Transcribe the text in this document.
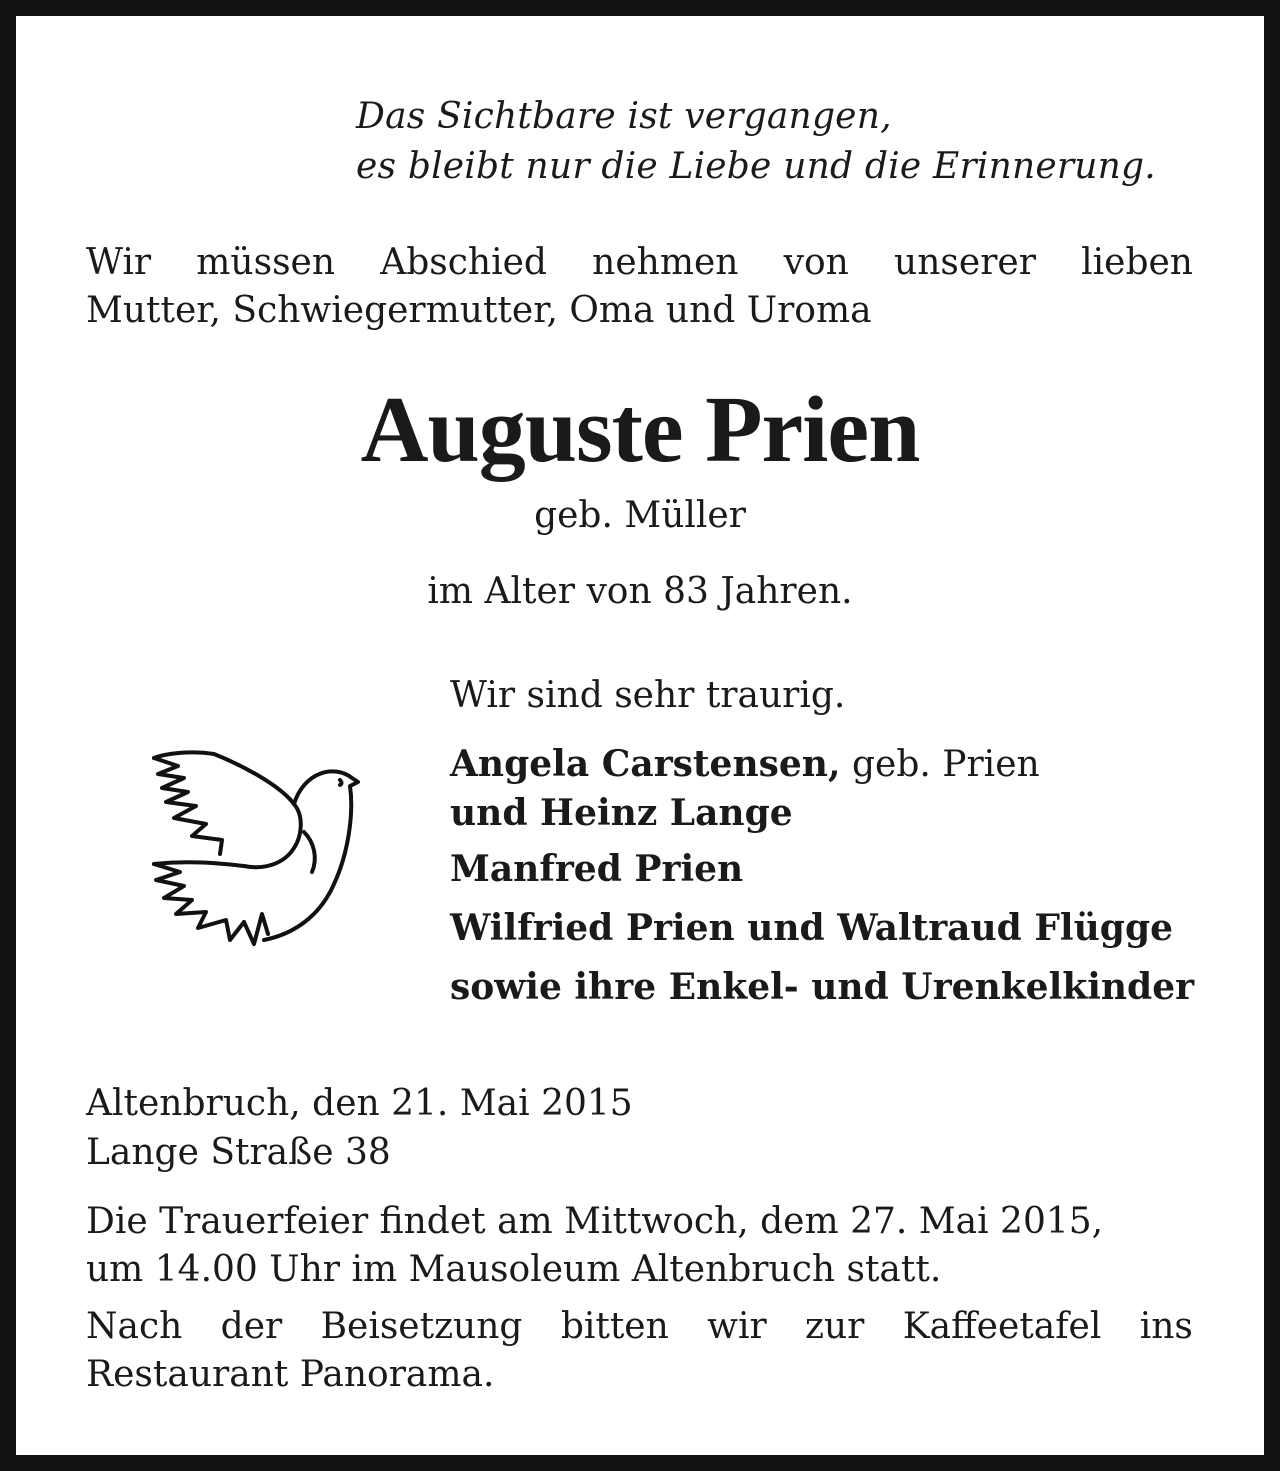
Das Sichtbare ist vergangen,

es bleibt nur die Liebe und die Erinnerung.

Wir müssen Abschied nehmen von unserer lieben

Mutter, Schwiegermutter, Oma und Uroma

Auguste Prien

geb. Müller

im Alter von 83 Jahren.

Wir sind sehr traurig.

Angela Carstensen, geb. Prien

und Heinz Lange

Manfred Prien

Wilfried Prien und Waltraud Flügge

sowie ihre Enkel- und Urenkelkinder

Altenbruch, den 21. Mai 2015

Lange Straße 38

Die Trauerfeier findet am Mittwoch, dem 27. Mai 2015,

um 14.00 Uhr im Mausoleum Altenbruch statt.

Nach der Beisetzung bitten wir zur Kaffeetafel ins

Restaurant Panorama.
